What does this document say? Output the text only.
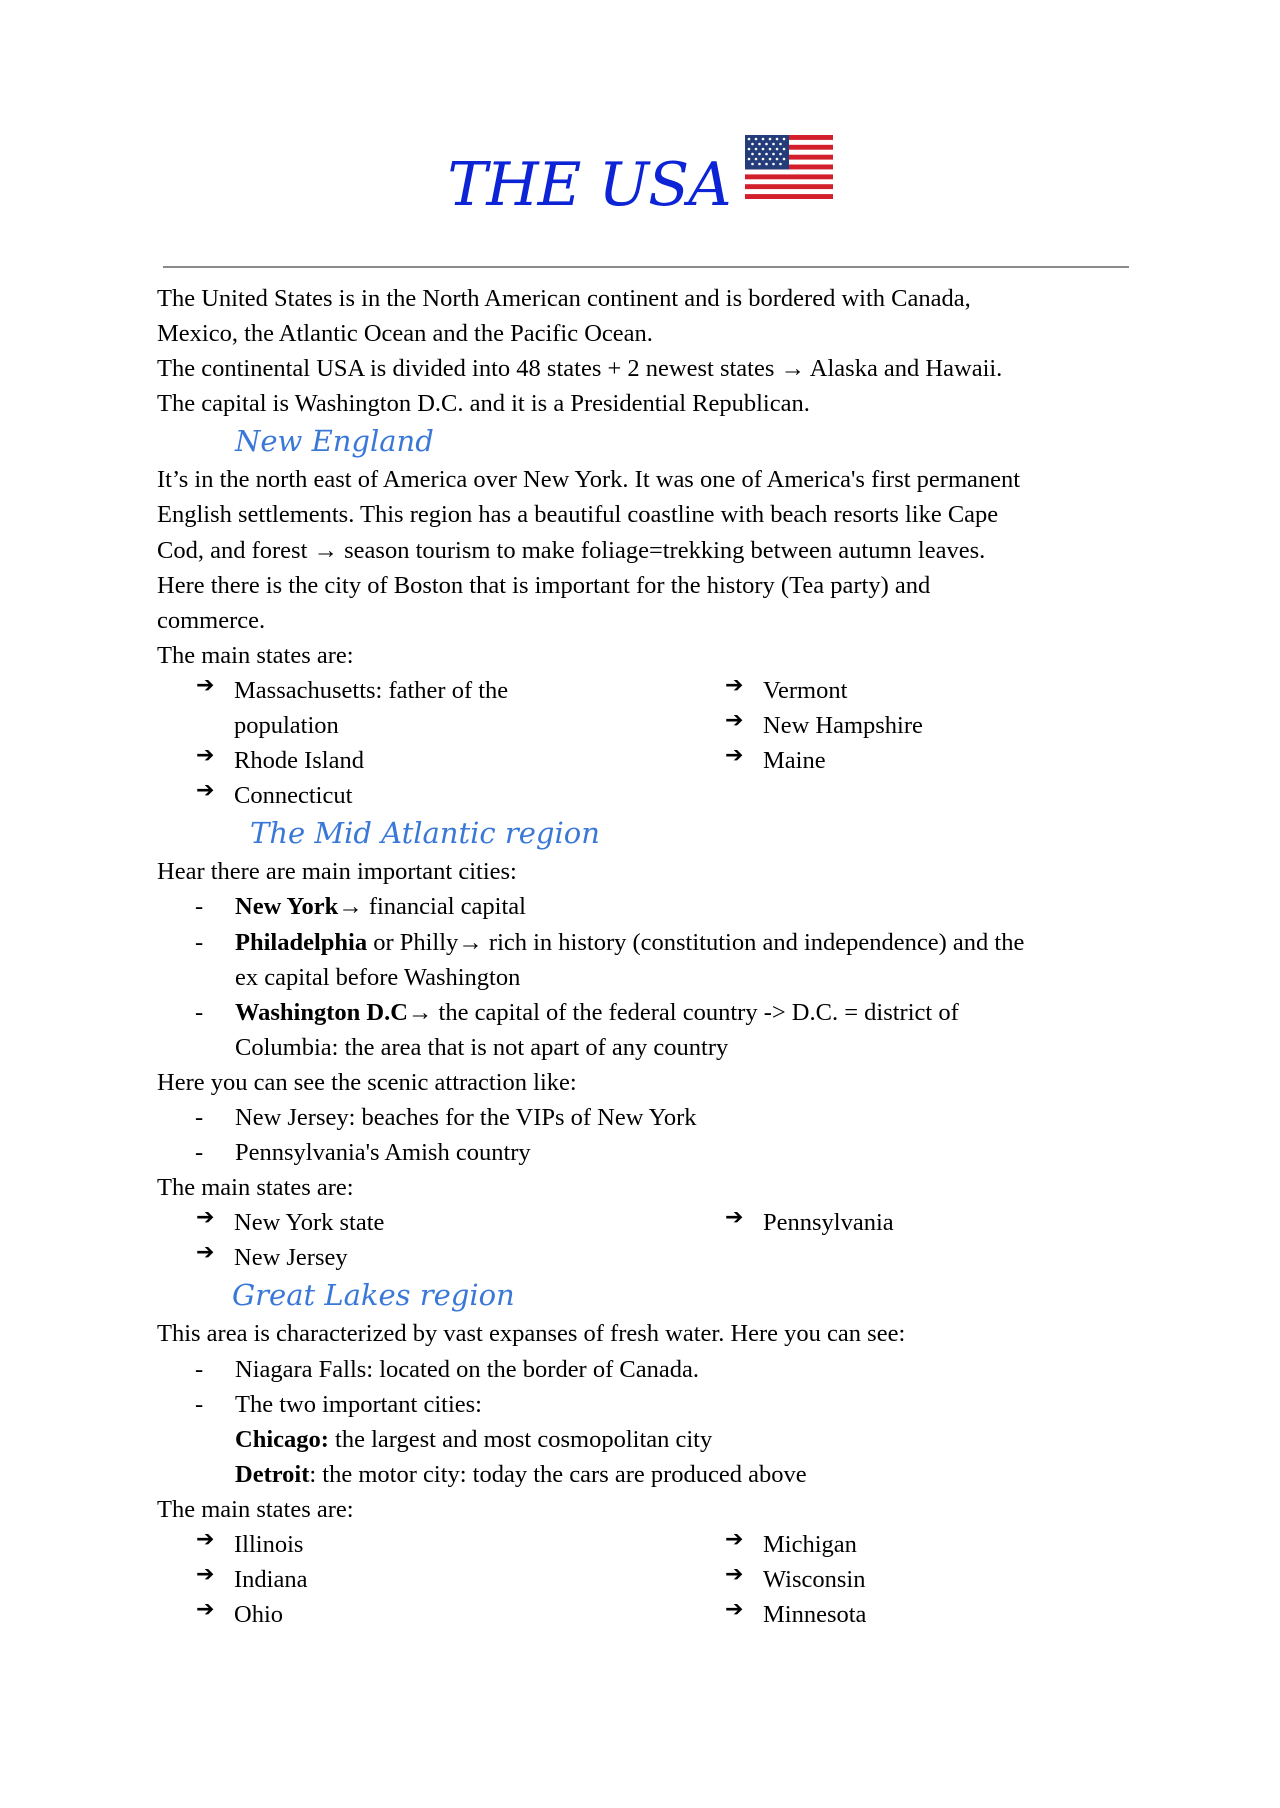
THE USA
The United States is in the North American continent and is bordered with Canada,
Mexico, the Atlantic Ocean and the Pacific Ocean.
The continental USA is divided into 48 states + 2 newest states → Alaska and Hawaii.
The capital is Washington D.C. and it is a Presidential Republican.
New England
It’s in the north east of America over New York. It was one of America's first permanent
English settlements. This region has a beautiful coastline with beach resorts like Cape
Cod, and forest → season tourism to make foliage=trekking between autumn leaves.
Here there is the city of Boston that is important for the history (Tea party) and
commerce.
The main states are:
➔ Massachusetts: father of the
population
➔ Rhode Island
➔ Connecticut
➔ Vermont
➔ New Hampshire
➔ Maine
The Mid Atlantic region
Hear there are main important cities:
- New York→ financial capital
- Philadelphia or Philly→ rich in history (constitution and independence) and the
ex capital before Washington
- Washington D.C→ the capital of the federal country -> D.C. = district of
Columbia: the area that is not apart of any country
Here you can see the scenic attraction like:
- New Jersey: beaches for the VIPs of New York
- Pennsylvania's Amish country
The main states are:
➔ New York state
➔ New Jersey
➔ Pennsylvania
Great Lakes region
This area is characterized by vast expanses of fresh water. Here you can see:
- Niagara Falls: located on the border of Canada.
- The two important cities:
Chicago: the largest and most cosmopolitan city
Detroit: the motor city: today the cars are produced above
The main states are:
➔ Illinois
➔ Indiana
➔ Ohio
➔ Michigan
➔ Wisconsin
➔ Minnesota
